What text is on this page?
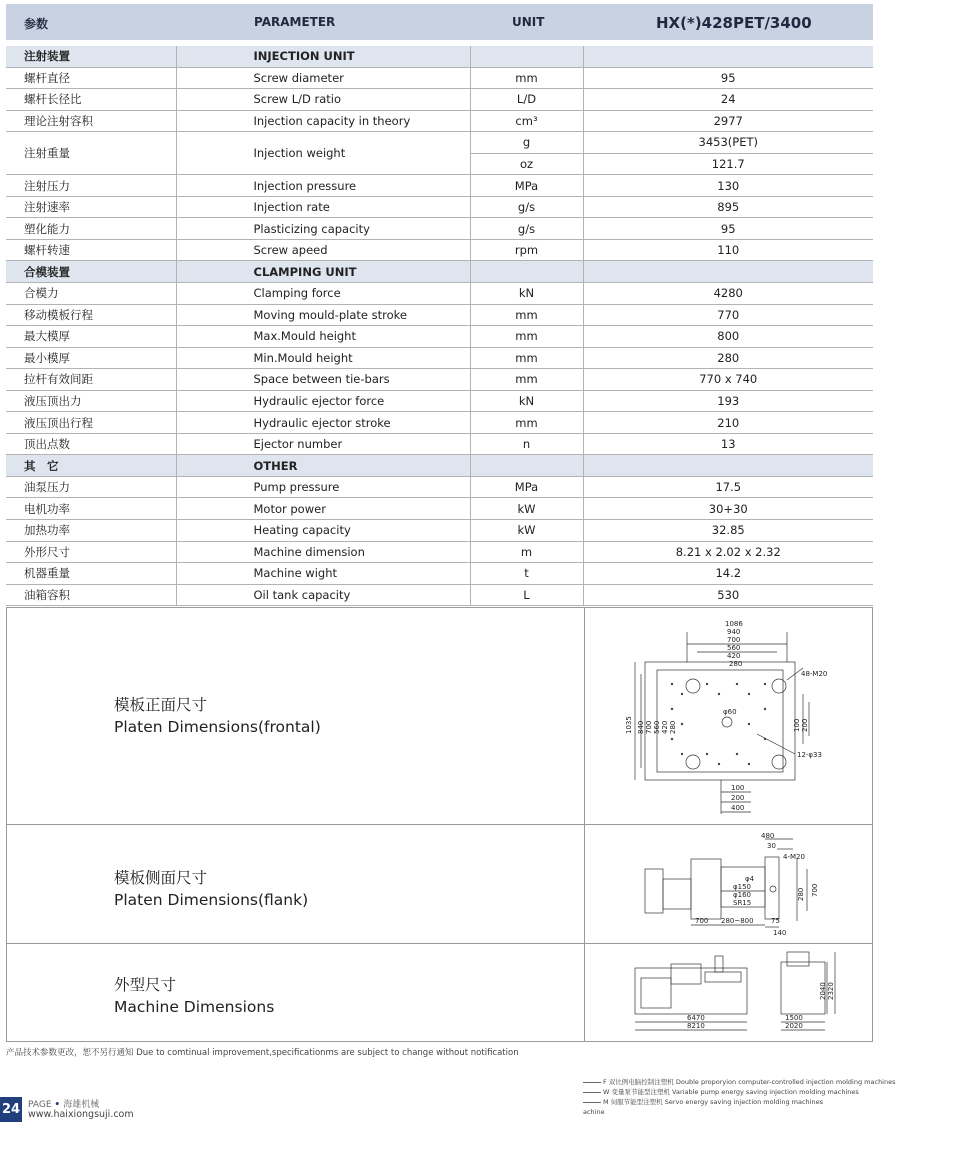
参数	PARAMETER	UNIT	HX(*)428PET/3400
注射装置	INJECTION UNIT		
螺杆直径	Screw diameter	mm	95
螺杆长径比	Screw L/D ratio	L/D	24
理论注射容积	Injection capacity in theory	cm³	2977
注射重量	Injection weight	g	3453(PET)
		oz	121.7
注射压力	Injection pressure	MPa	130
注射速率	Injection rate	g/s	895
塑化能力	Plasticizing capacity	g/s	95
螺杆转速	Screw apeed	rpm	110
合模装置	CLAMPING UNIT		
合模力	Clamping force	kN	4280
移动模板行程	Moving mould-plate stroke	mm	770
最大模厚	Max.Mould height	mm	800
最小模厚	Min.Mould height	mm	280
拉杆有效间距	Space between tie-bars	mm	770 x 740
液压顶出力	Hydraulic ejector force	kN	193
液压顶出行程	Hydraulic ejector stroke	mm	210
顶出点数	Ejector number	n	13
其　它	OTHER		
油泵压力	Pump pressure	MPa	17.5
电机功率	Motor power	kW	30+30
加热功率	Heating capacity	kW	32.85
外形尺寸	Machine dimension	m	8.21 x 2.02 x 2.32
机器重量	Machine wight	t	14.2
油箱容积	Oil tank capacity	L	530
模板正面尺寸
Platen Dimensions(frontal)
1086
940
700
560
420
280
48-M20
1035 840 700 560 420 280
φ60
100 200
12-φ33
100
200
400
模板侧面尺寸
Platen Dimensions(flank)
480
30
4-M20
φ4
φ150
φ160
SR15
280 700
700 280~800 75
140
外型尺寸
Machine Dimensions
6470
8210
1500
2020
2040 2320
产品技术参数更改，恕不另行通知 Due to comtinual improvement,specificationms are subject to change without notification
24 PAGE • 海雄机械
www.haixiongsuji.com
F 双比例电脑控制注塑机 Double proporyion computer-controlled injection molding machines
W 变量泵节能型注塑机 Variable pump energy saving injection molding machines
M 伺服节能型注塑机 Servo energy saving injection molding machines
achine
